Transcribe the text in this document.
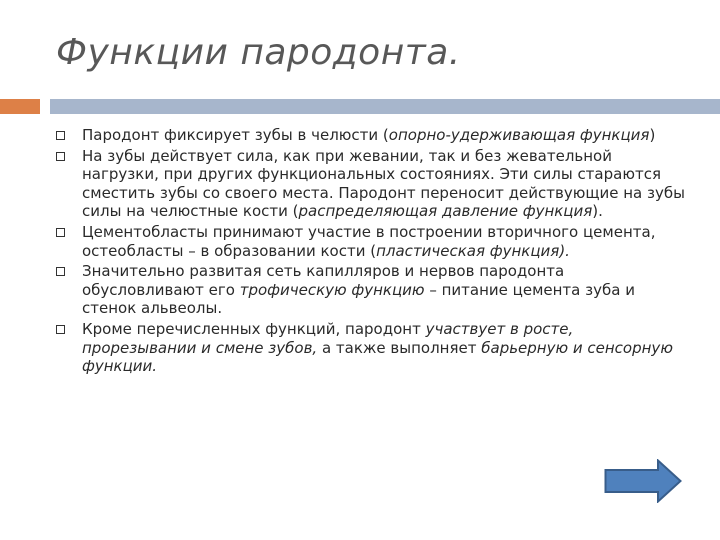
Функции пародонта.
Пародонт фиксирует зубы в челюсти (опорно-удерживающая функция)
На зубы действует сила, как при жевании, так и без жевательной нагрузки, при других функциональных состояниях. Эти силы стараются сместить зубы со своего места. Пародонт переносит действующие на зубы силы на челюстные кости (распределяющая давление функция).
Цементобласты принимают участие в построении вторичного цемента, остеобласты – в образовании кости (пластическая функция).
Значительно развитая сеть капилляров и нервов пародонта обусловливают его трофическую функцию – питание цемента зуба и стенок альвеолы.
Кроме перечисленных функций, пародонт участвует в росте, прорезывании и смене зубов, а также выполняет барьерную и сенсорную функции.
